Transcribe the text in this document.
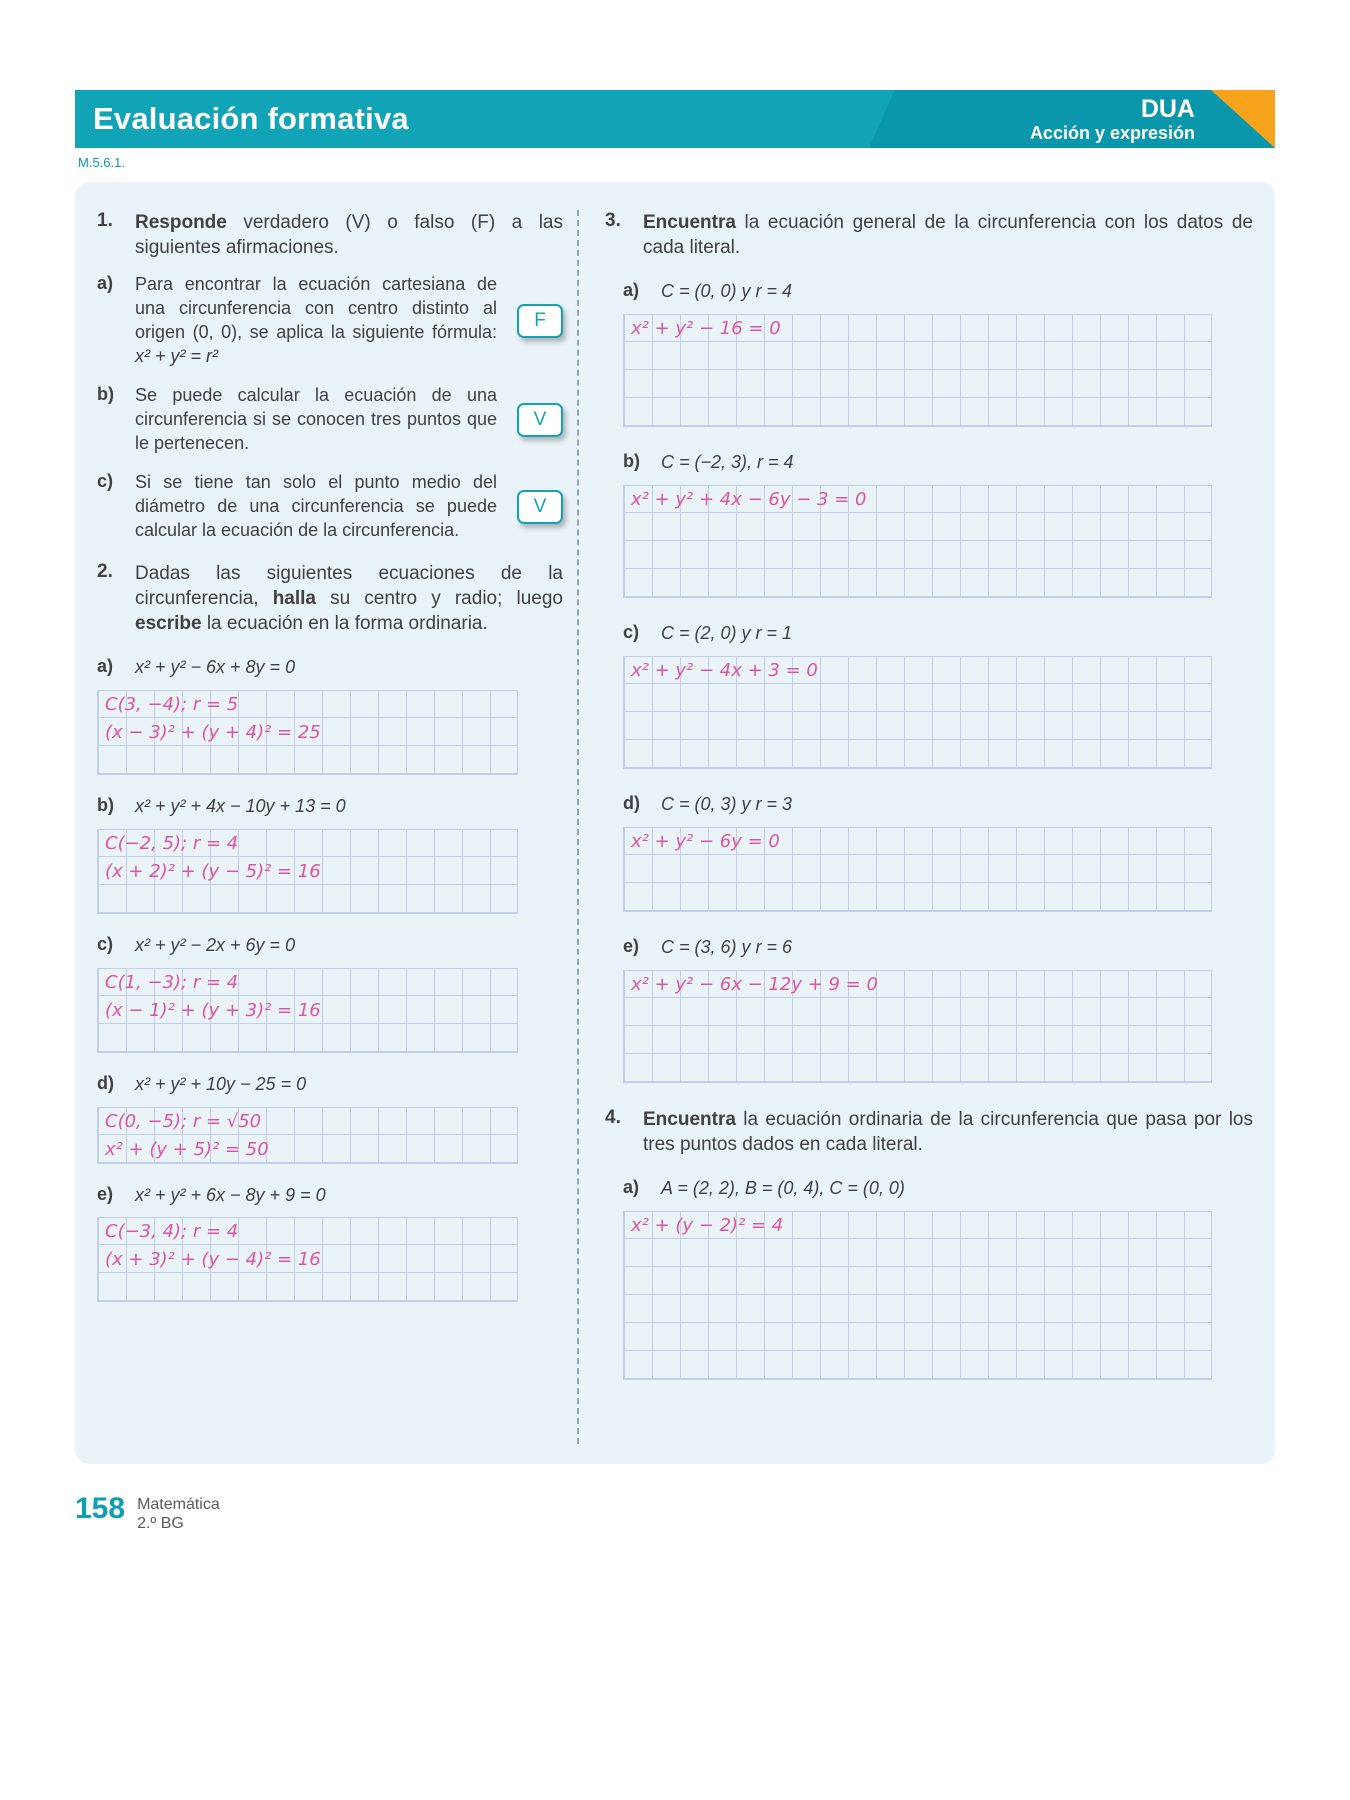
Evaluación formativa	DUA
Acción y expresión
M.5.6.1.
1.	Responde verdadero (V) o falso (F) a las siguientes afirmaciones.

a)	Para encontrar la ecuación cartesiana de una circunferencia con centro distinto al origen (0, 0), se aplica la siguiente fórmula: x² + y² = r²

F
b)	Se puede calcular la ecuación de una circunferencia si se conocen tres puntos que le pertenecen.

V
c)	Si se tiene tan solo el punto medio del diámetro de una circunferencia se puede calcular la ecuación de la circunferencia.

V
2.	Dadas las siguientes ecuaciones de la circunferencia, halla su centro y radio; luego escribe la ecuación en la forma ordinaria.

a)	x² + y² − 6x + 8y = 0

C(3, −4); r = 5
(x − 3)² + (y + 4)² = 25
b)	x² + y² + 4x − 10y + 13 = 0

C(−2, 5); r = 4
(x + 2)² + (y − 5)² = 16
c)	x² + y² − 2x + 6y = 0

C(1, −3); r = 4
(x − 1)² + (y + 3)² = 16
d)	x² + y² + 10y − 25 = 0

C(0, −5); r = √50
x² + (y + 5)² = 50
e)	x² + y² + 6x − 8y + 9 = 0

C(−3, 4); r = 4
(x + 3)² + (y − 4)² = 16
3.	Encuentra la ecuación general de la circunferencia con los datos de cada literal.

a)	C = (0, 0) y r = 4

x² + y² − 16 = 0
b)	C = (−2, 3), r = 4

x² + y² + 4x − 6y − 3 = 0
c)	C = (2, 0) y r = 1

x² + y² − 4x + 3 = 0
d)	C = (0, 3) y r = 3

x² + y² − 6y = 0
e)	C = (3, 6) y r = 6

x² + y² − 6x − 12y + 9 = 0
4.	Encuentra la ecuación ordinaria de la circunferencia que pasa por los tres puntos dados en cada literal.

a)	A = (2, 2), B = (0, 4), C = (0, 0)

x² + (y − 2)² = 4
158 Matemática
2.º BG
